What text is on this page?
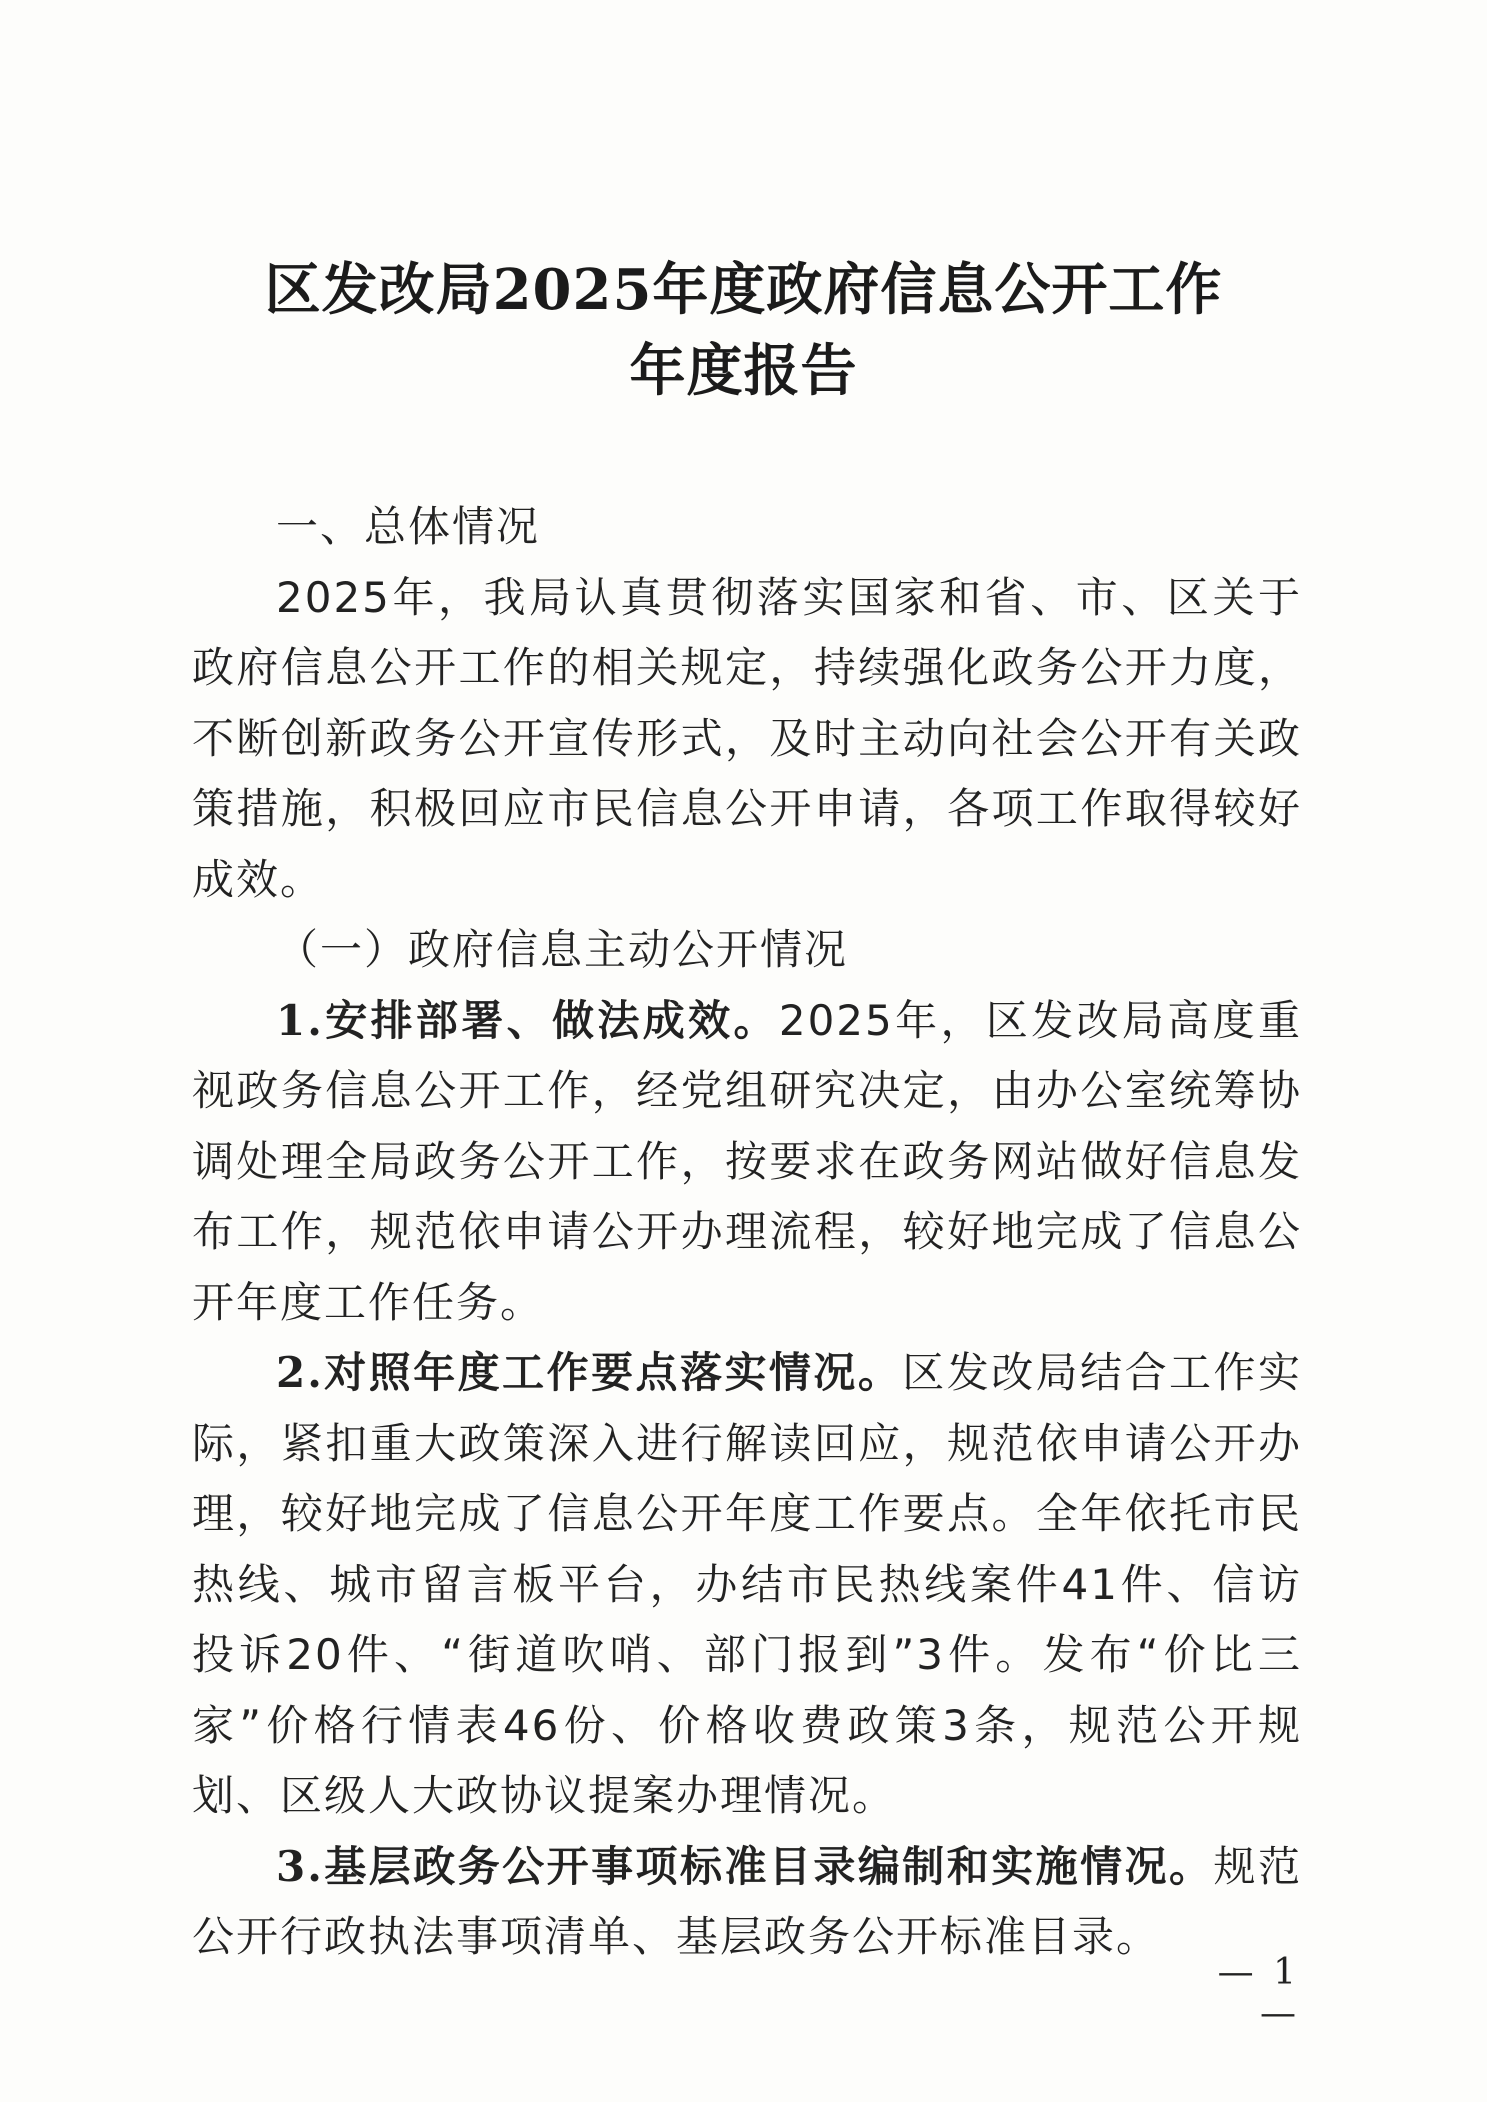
区发改局2025年度政府信息公开工作
年度报告

一、总体情况

2025年，我局认真贯彻落实国家和省、市、区关于政府信息公开工作的相关规定，持续强化政务公开力度，不断创新政务公开宣传形式，及时主动向社会公开有关政策措施，积极回应市民信息公开申请，各项工作取得较好成效。

（一）政府信息主动公开情况

1.安排部署、做法成效。2025年，区发改局高度重视政务信息公开工作，经党组研究决定，由办公室统筹协调处理全局政务公开工作，按要求在政务网站做好信息发布工作，规范依申请公开办理流程，较好地完成了信息公开年度工作任务。

2.对照年度工作要点落实情况。区发改局结合工作实际，紧扣重大政策深入进行解读回应，规范依申请公开办理，较好地完成了信息公开年度工作要点。全年依托市民热线、城市留言板平台，办结市民热线案件41件、信访投诉20件、“街道吹哨、部门报到”3件。发布“价比三家”价格行情表46份、价格收费政策3条，规范公开规划、区级人大政协议提案办理情况。

3.基层政务公开事项标准目录编制和实施情况。规范公开行政执法事项清单、基层政务公开标准目录。

— 1 —
